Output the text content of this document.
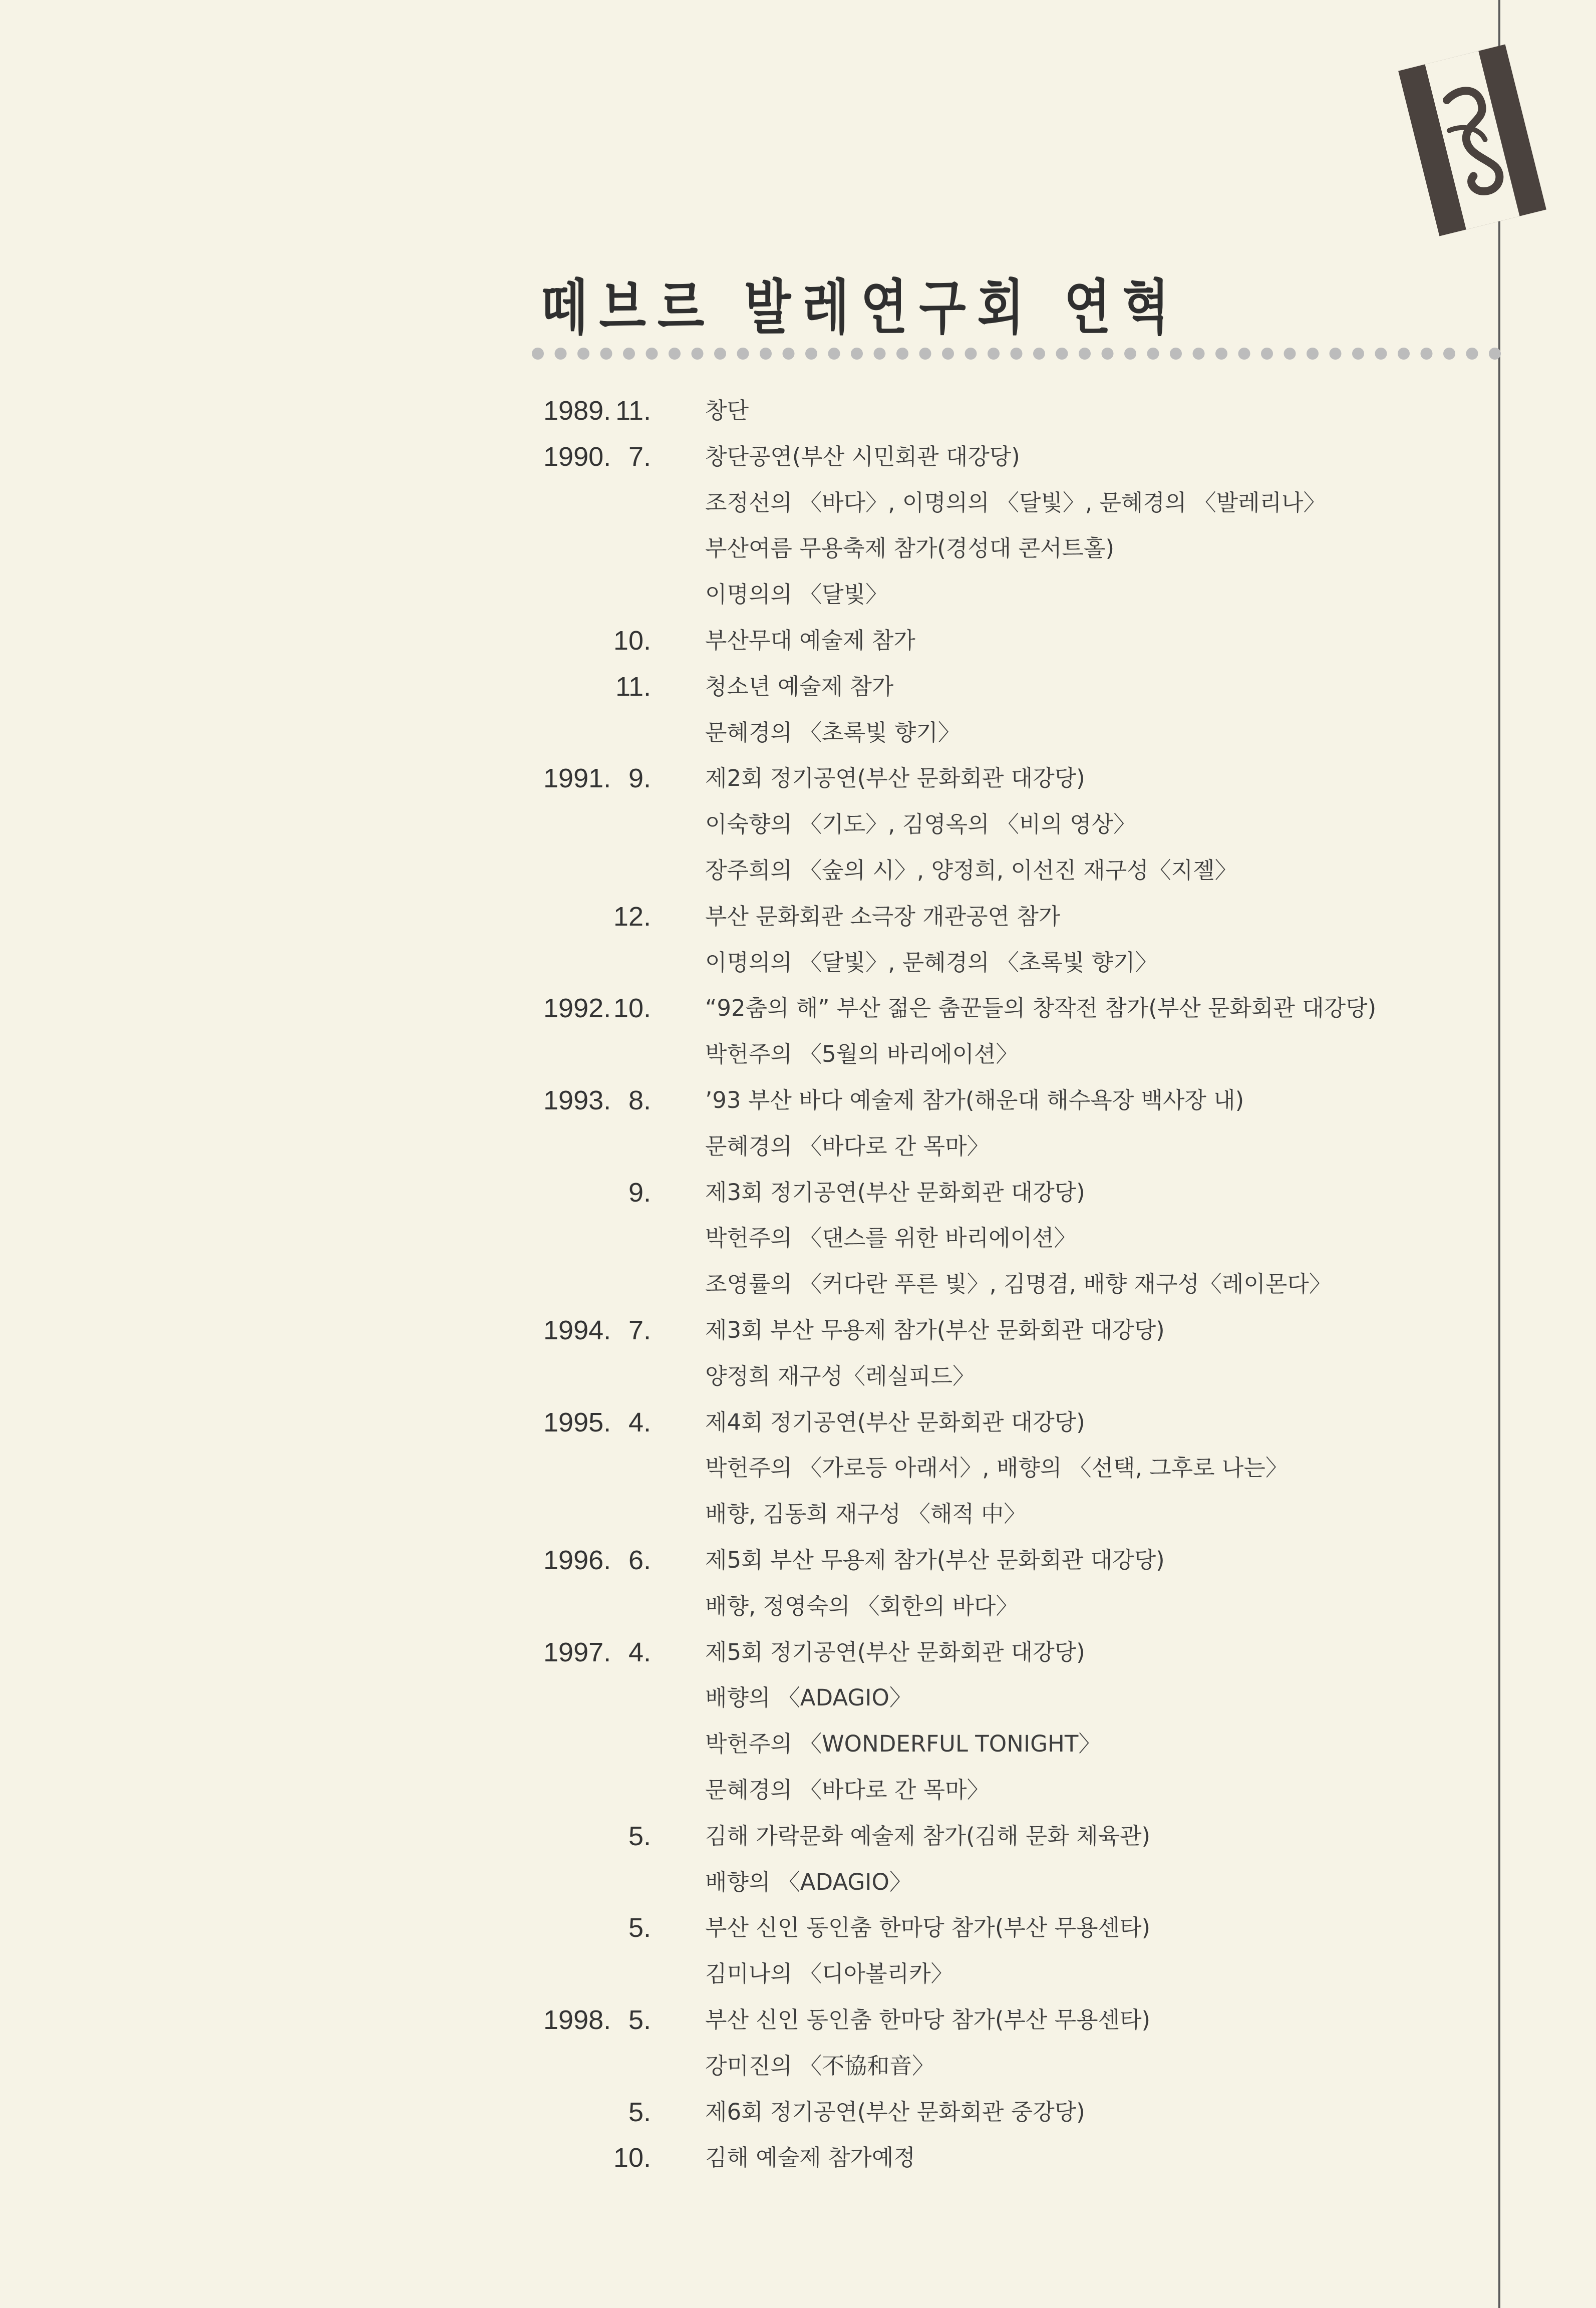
떼브르 발레연구회 연혁
1989. 11. 창단
1990. 7. 창단공연(부산 시민회관 대강당)
조정선의 〈바다〉, 이명의의 〈달빛〉, 문혜경의 〈발레리나〉
부산여름 무용축제 참가(경성대 콘서트홀)
이명의의 〈달빛〉
10. 부산무대 예술제 참가
11. 청소년 예술제 참가
문혜경의 〈초록빛 향기〉
1991. 9. 제2회 정기공연(부산 문화회관 대강당)
이숙향의 〈기도〉, 김영옥의 〈비의 영상〉
장주희의 〈숲의 시〉, 양정희, 이선진 재구성〈지젤〉
12. 부산 문화회관 소극장 개관공연 참가
이명의의 〈달빛〉, 문혜경의 〈초록빛 향기〉
1992. 10. “92춤의 해” 부산 젊은 춤꾼들의 창작전 참가(부산 문화회관 대강당)
박헌주의 〈5월의 바리에이션〉
1993. 8. ’93 부산 바다 예술제 참가(해운대 해수욕장 백사장 내)
문혜경의 〈바다로 간 목마〉
9. 제3회 정기공연(부산 문화회관 대강당)
박헌주의 〈댄스를 위한 바리에이션〉
조영률의 〈커다란 푸른 빛〉, 김명겸, 배향 재구성〈레이몬다〉
1994. 7. 제3회 부산 무용제 참가(부산 문화회관 대강당)
양정희 재구성〈레실피드〉
1995. 4. 제4회 정기공연(부산 문화회관 대강당)
박헌주의 〈가로등 아래서〉, 배향의 〈선택, 그후로 나는〉
배향, 김동희 재구성 〈해적 中〉
1996. 6. 제5회 부산 무용제 참가(부산 문화회관 대강당)
배향, 정영숙의 〈회한의 바다〉
1997. 4. 제5회 정기공연(부산 문화회관 대강당)
배향의 〈ADAGIO〉
박헌주의 〈WONDERFUL TONIGHT〉
문혜경의 〈바다로 간 목마〉
5. 김해 가락문화 예술제 참가(김해 문화 체육관)
배향의 〈ADAGIO〉
5. 부산 신인 동인춤 한마당 참가(부산 무용센타)
김미나의 〈디아볼리카〉
1998. 5. 부산 신인 동인춤 한마당 참가(부산 무용센타)
강미진의 〈不協和音〉
5. 제6회 정기공연(부산 문화회관 중강당)
10. 김해 예술제 참가예정
